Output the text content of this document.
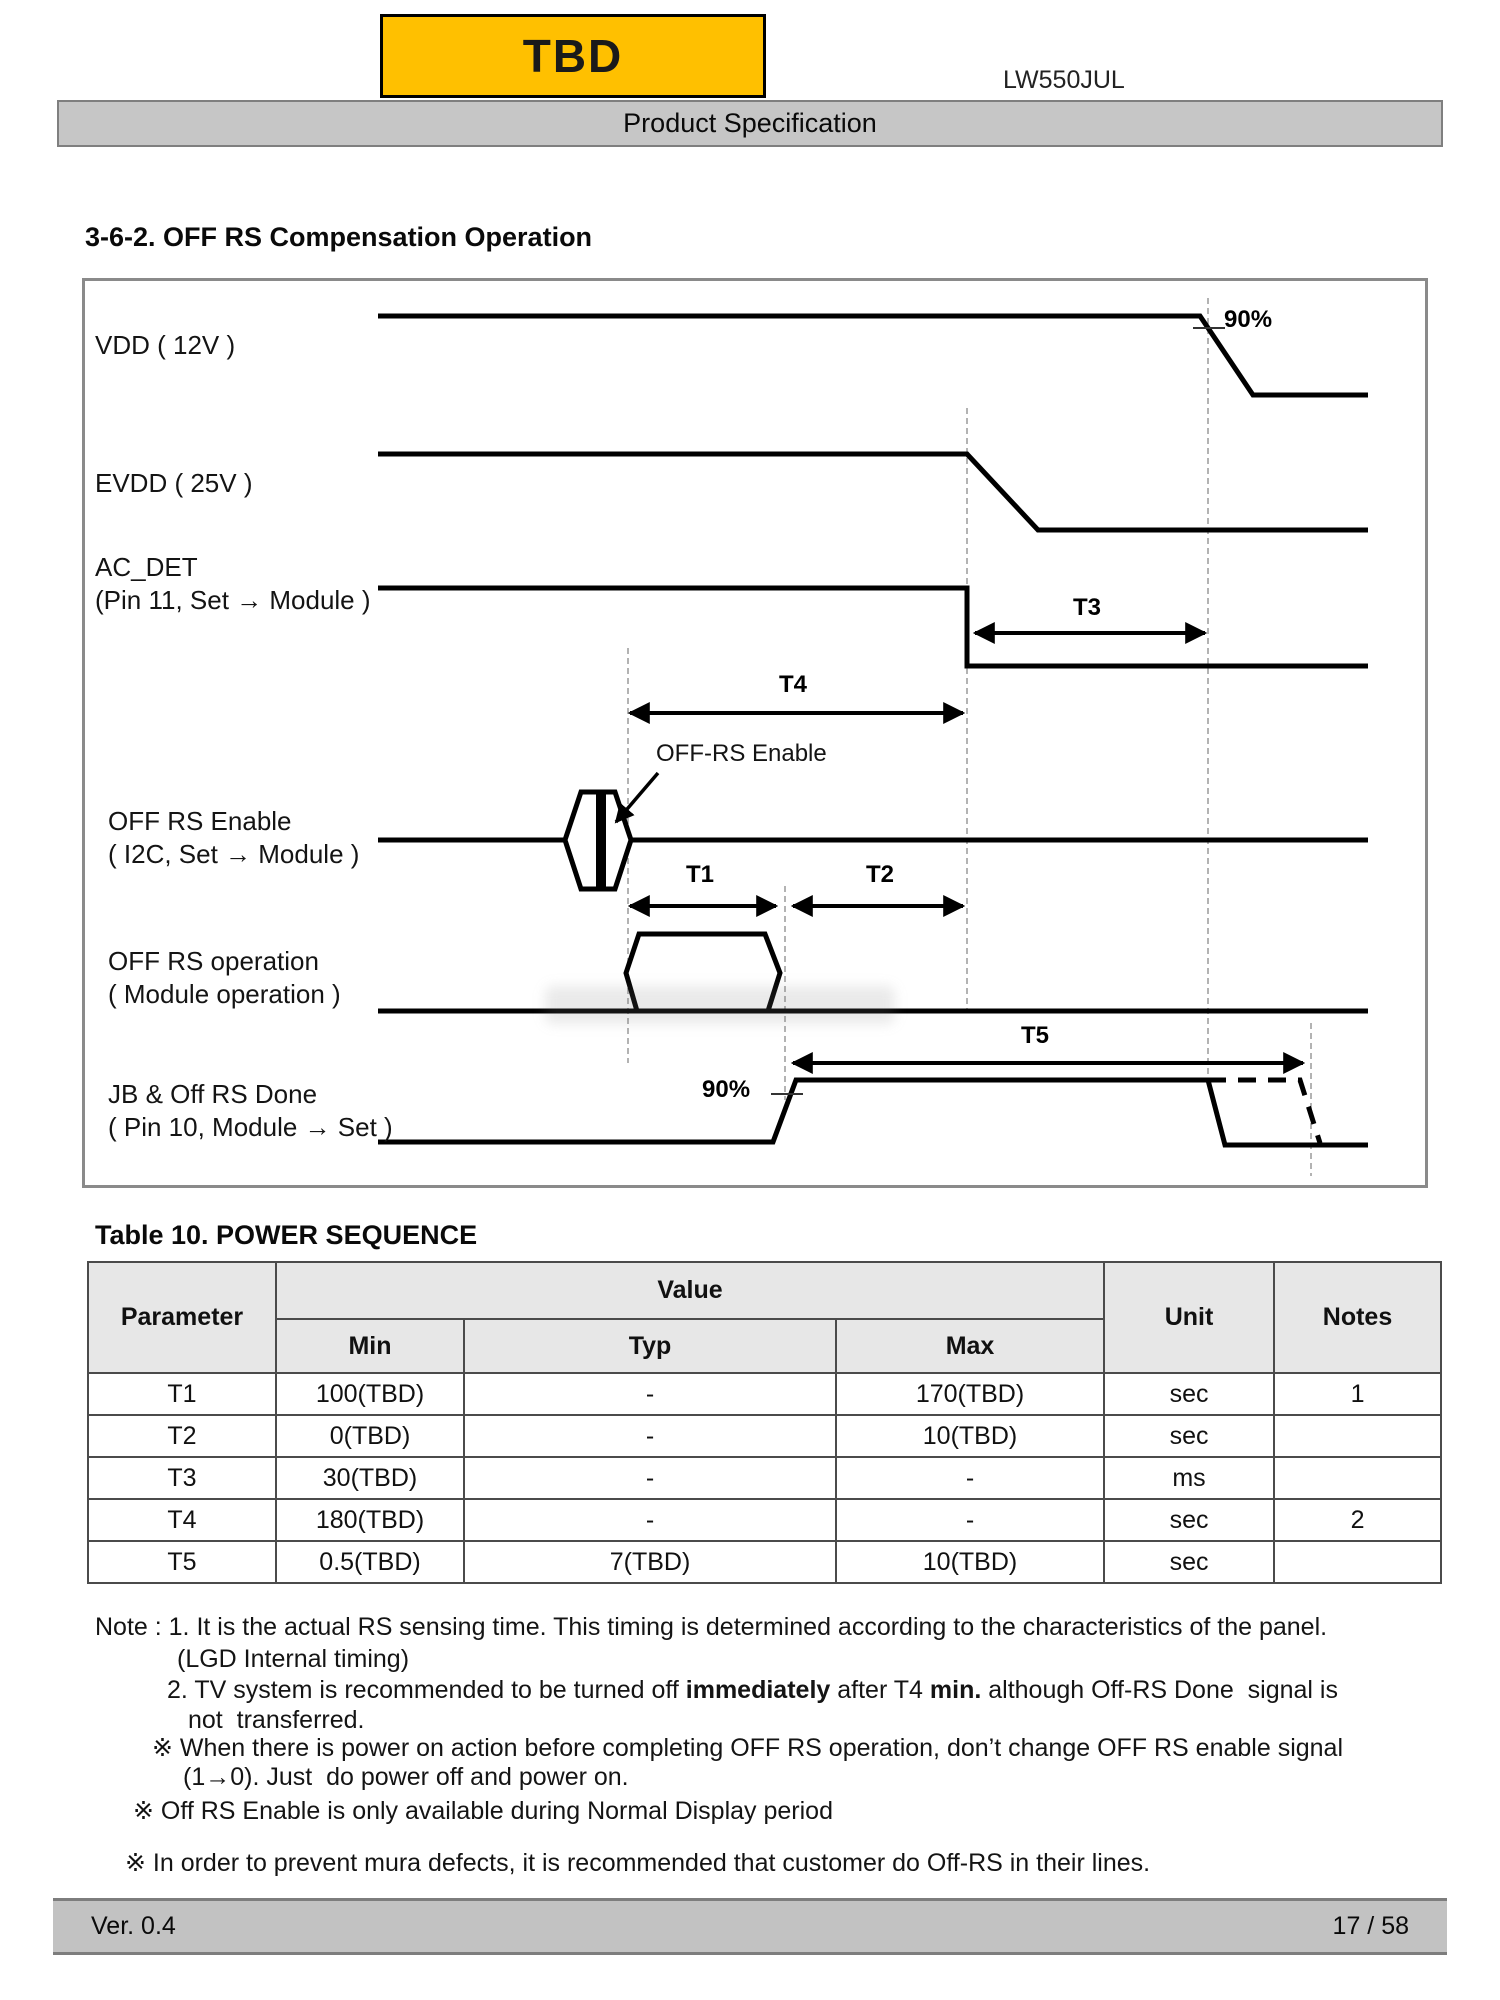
TBD	LW550JUL
Product Specification
3-6-2. OFF RS Compensation Operation
VDD ( 12V )
EVDD ( 25V )
AC_DET
(Pin 11, Set → Module )
OFF RS Enable
( I2C, Set → Module )
OFF RS operation
( Module operation )
JB & Off RS Done
( Pin 10, Module → Set )
90%
90%
OFF-RS Enable
T3
T4
T1	T2
T5
Table 10. POWER SEQUENCE
Parameter	Value			Unit	Notes
	Min	Typ	Max		
T1	100(TBD)	-	170(TBD)	sec	1
T2	0(TBD)	-	10(TBD)	sec	
T3	30(TBD)	-	-	ms	
T4	180(TBD)	-	-	sec	2
T5	0.5(TBD)	7(TBD)	10(TBD)	sec	
Note : 1. It is the actual RS sensing time. This timing is determined according to the characteristics of the panel.
(LGD Internal timing)
2. TV system is recommended to be turned off immediately after T4 min. although Off-RS Done  signal is
not  transferred.
※ When there is power on action before completing OFF RS operation, don’t change OFF RS enable signal
(1→0). Just  do power off and power on.
※ Off RS Enable is only available during Normal Display period
※ In order to prevent mura defects, it is recommended that customer do Off-RS in their lines.
Ver. 0.4	17 / 58
